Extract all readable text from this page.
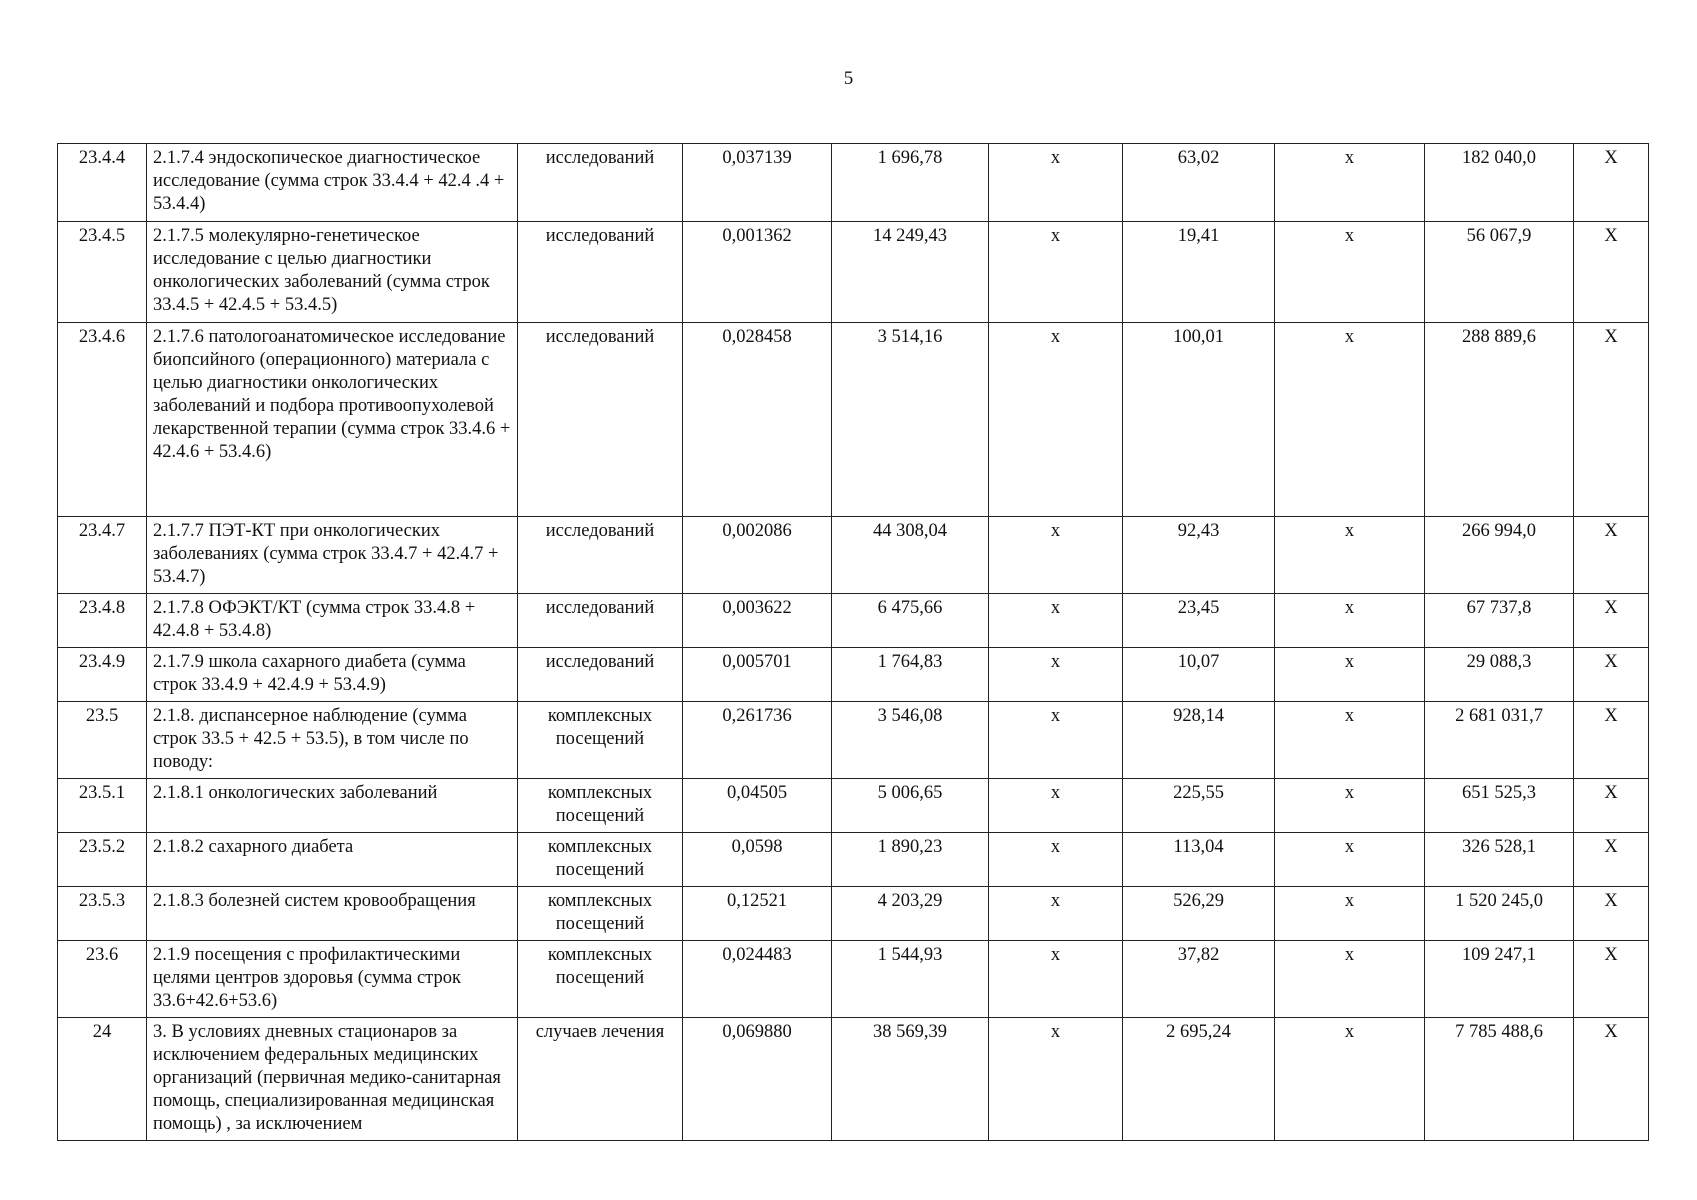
5
23.4.4	2.1.7.4 эндоскопическое диагностическое исследование (сумма строк 33.4.4 + 42.4 .4 + 53.4.4)	исследований	0,037139	1 696,78	х	63,02	х	182 040,0	Х
23.4.5	2.1.7.5 молекулярно-генетическое исследование с целью диагностики онкологических заболеваний (сумма строк 33.4.5 + 42.4.5 + 53.4.5)	исследований	0,001362	14 249,43	х	19,41	х	56 067,9	Х
23.4.6	2.1.7.6 патологоанатомическое исследование биопсийного (операционного) материала с целью диагностики онкологических заболеваний и подбора противоопухолевой лекарственной терапии (сумма строк 33.4.6 + 42.4.6 + 53.4.6)	исследований	0,028458	3 514,16	х	100,01	х	288 889,6	Х
23.4.7	2.1.7.7 ПЭТ-КТ при онкологических заболеваниях (сумма строк 33.4.7 + 42.4.7 + 53.4.7)	исследований	0,002086	44 308,04	х	92,43	х	266 994,0	Х
23.4.8	2.1.7.8 ОФЭКТ/КТ (сумма строк 33.4.8 + 42.4.8 + 53.4.8)	исследований	0,003622	6 475,66	х	23,45	х	67 737,8	Х
23.4.9	2.1.7.9 школа сахарного диабета (сумма строк 33.4.9 + 42.4.9 + 53.4.9)	исследований	0,005701	1 764,83	х	10,07	х	29 088,3	Х
23.5	2.1.8. диспансерное наблюдение (сумма строк 33.5 + 42.5 + 53.5), в том числе по поводу:	комплексных посещений	0,261736	3 546,08	х	928,14	х	2 681 031,7	Х
23.5.1	2.1.8.1 онкологических заболеваний	комплексных посещений	0,04505	5 006,65	х	225,55	х	651 525,3	Х
23.5.2	2.1.8.2 сахарного диабета	комплексных посещений	0,0598	1 890,23	х	113,04	х	326 528,1	Х
23.5.3	2.1.8.3 болезней систем кровообращения	комплексных посещений	0,12521	4 203,29	х	526,29	х	1 520 245,0	Х
23.6	2.1.9 посещения с профилактическими целями центров здоровья (сумма строк 33.6+42.6+53.6)	комплексных посещений	0,024483	1 544,93	х	37,82	х	109 247,1	Х
24	3. В условиях дневных стационаров за исключением федеральных медицинских организаций (первичная медико-санитарная помощь, специализированная медицинская помощь) , за исключением	случаев лечения	0,069880	38 569,39	х	2 695,24	х	7 785 488,6	Х
